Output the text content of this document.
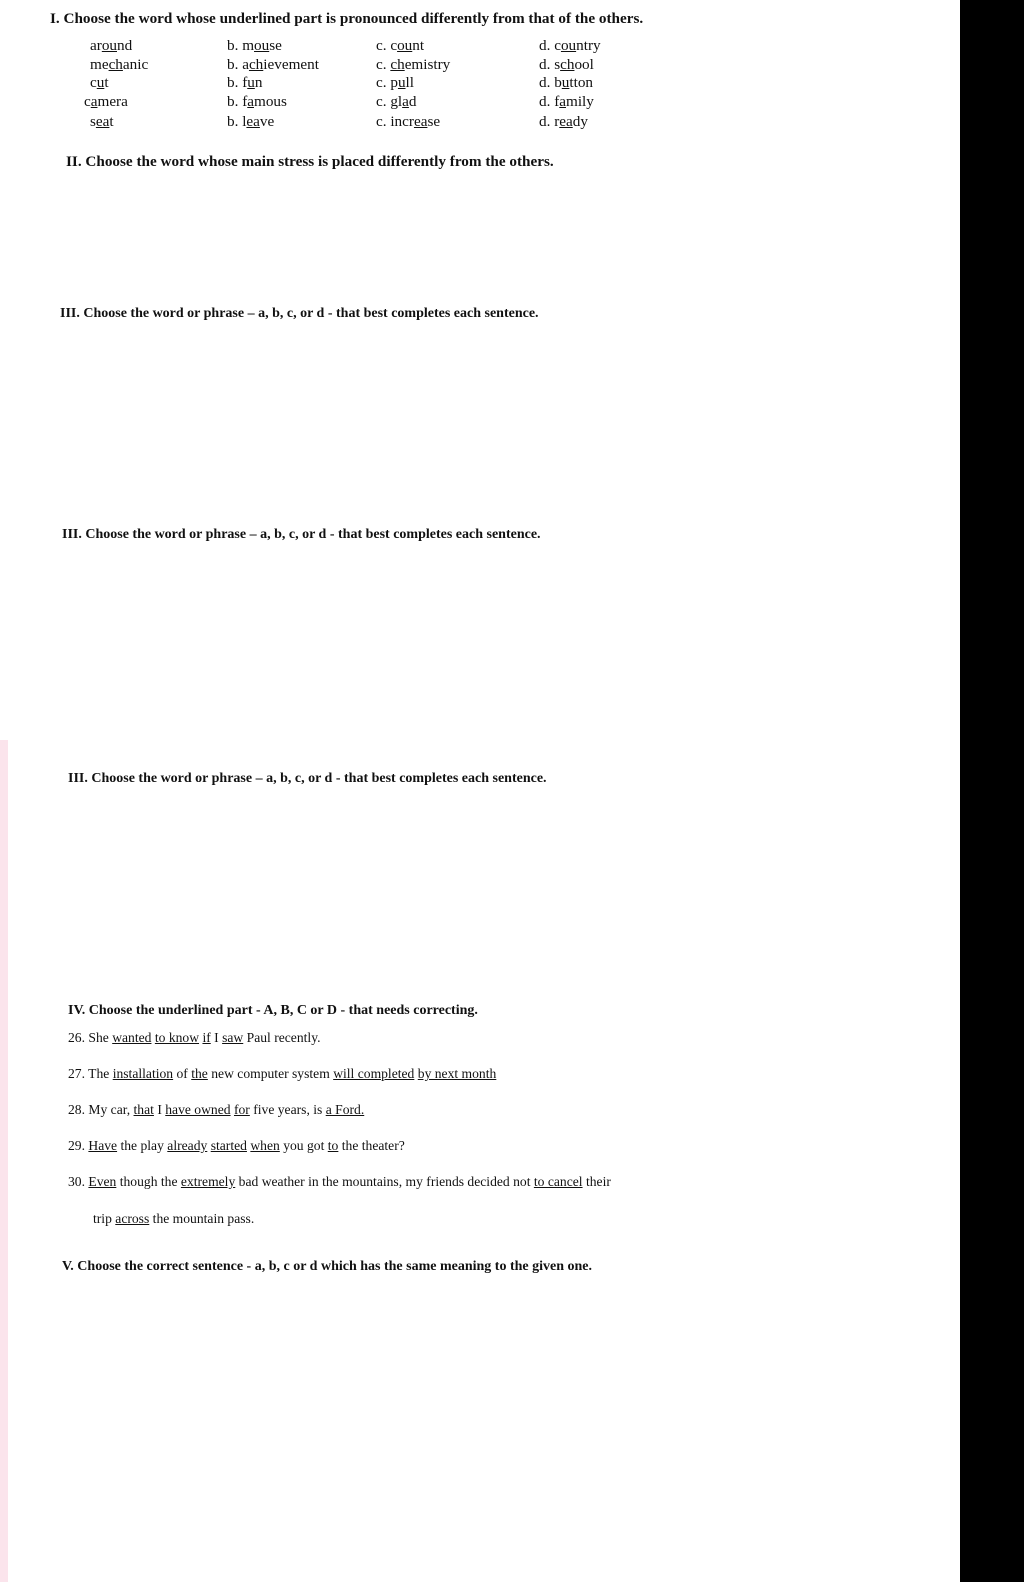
I. Choose the word whose underlined part is pronounced differently from that of the others.
around	b. mouse	c. count	d. country
mechanic	b. achievement	c. chemistry	d. school
cut	b. fun	c. pull	d. button
camera	b. famous	c. glad	d. family
seat	b. leave	c. increase	d. ready
II. Choose the word whose main stress is placed differently from the others.
III. Choose the word or phrase – a, b, c, or d - that best completes each sentence.
III. Choose the word or phrase – a, b, c, or d - that best completes each sentence.
III. Choose the word or phrase – a, b, c, or d - that best completes each sentence.
IV. Choose the underlined part - A, B, C or D - that needs correcting.
26. She wanted to know if I saw Paul recently.
27. The installation of the new computer system will completed by next month
28. My car, that I have owned for five years, is a Ford.
29. Have the play already started when you got to the theater?
30. Even though the extremely bad weather in the mountains, my friends decided not to cancel their
trip across the mountain pass.
V. Choose the correct sentence - a, b, c or d which has the same meaning to the given one.
